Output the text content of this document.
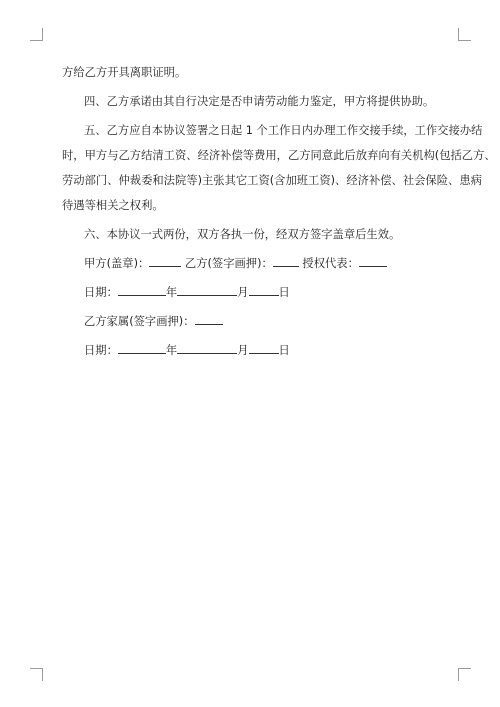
方给乙方开具离职证明。

四、乙方承诺由其自行决定是否申请劳动能力鉴定，甲方将提供协助。

五、乙方应自本协议签署之日起 1 个工作日内办理工作交接手续，工作交接办结

时，甲方与乙方结清工资、经济补偿等费用，乙方同意此后放弃向有关机构(包括乙方、

劳动部门、仲裁委和法院等)主张其它工资(含加班工资)、经济补偿、社会保险、患病

待遇等相关之权利。

六、本协议一式两份，双方各执一份，经双方签字盖章后生效。

甲方(盖章)：	乙方(签字画押)：	授权代表：

日期：	年	月	日

乙方家属(签字画押)：

日期：	年	月	日
